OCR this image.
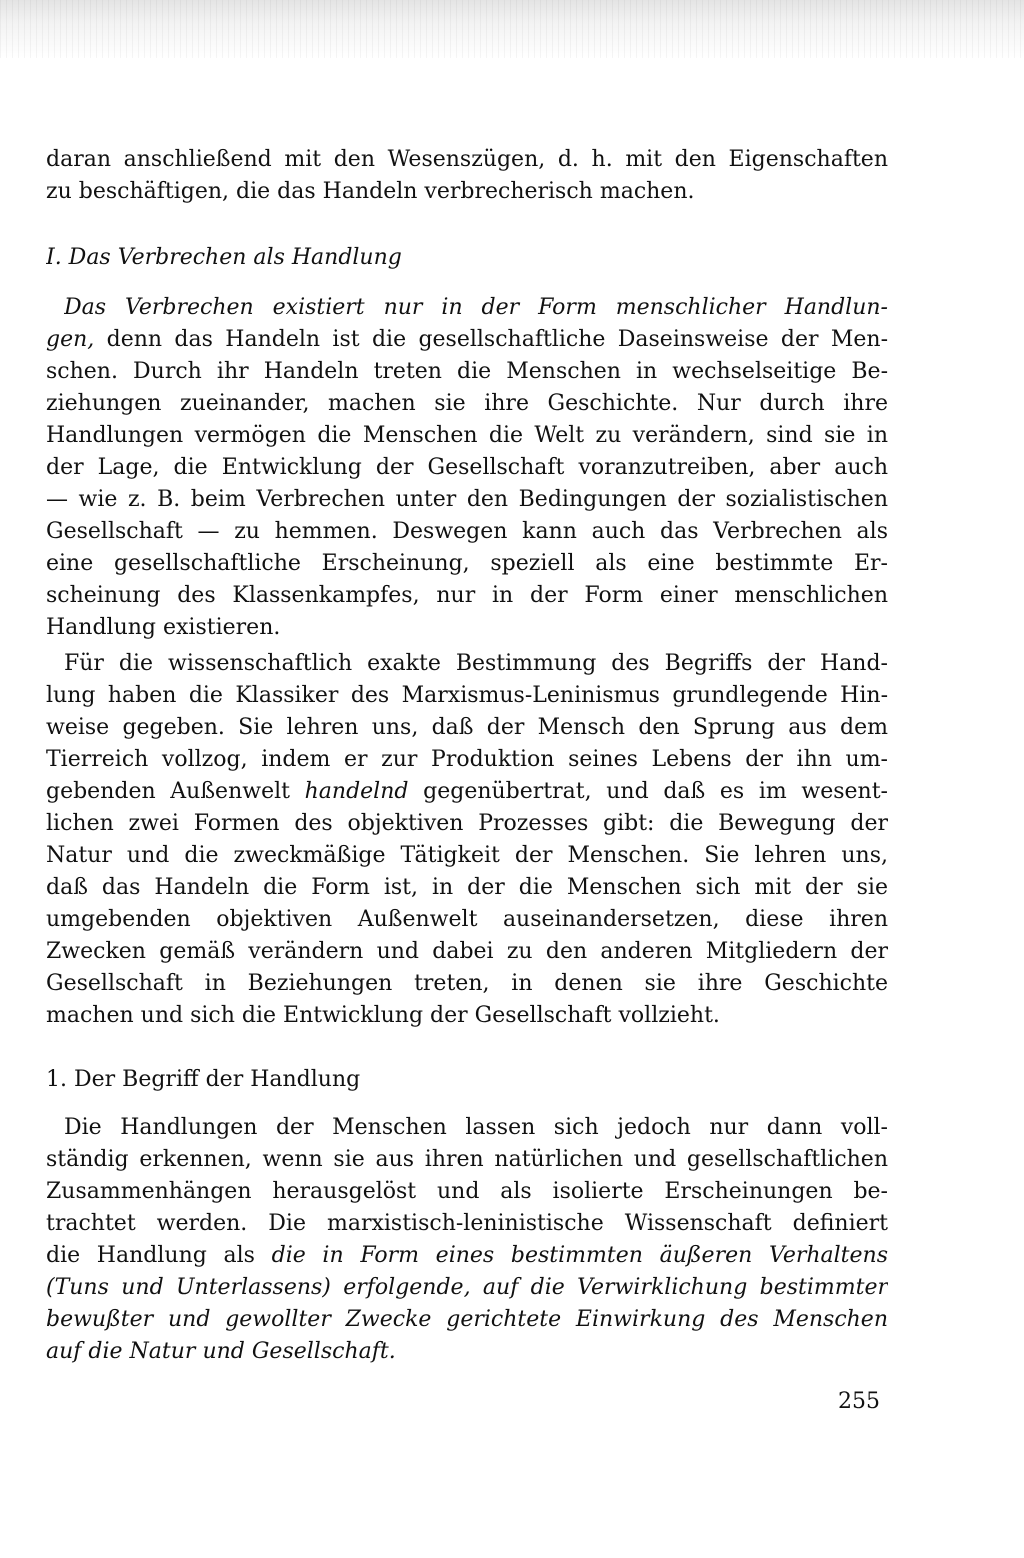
daran anschließend mit den Wesenszügen, d. h. mit den Eigenschaften
zu beschäftigen, die das Handeln verbrecherisch machen.
I. Das Verbrechen als Handlung
Das Verbrechen existiert nur in der Form menschlicher Handlun-
gen, denn das Handeln ist die gesellschaftliche Daseinsweise der Men-
schen. Durch ihr Handeln treten die Menschen in wechselseitige Be-
ziehungen zueinander, machen sie ihre Geschichte. Nur durch ihre
Handlungen vermögen die Menschen die Welt zu verändern, sind sie in
der Lage, die Entwicklung der Gesellschaft voranzutreiben, aber auch
— wie z. B. beim Verbrechen unter den Bedingungen der sozialistischen
Gesellschaft — zu hemmen. Deswegen kann auch das Verbrechen als
eine gesellschaftliche Erscheinung, speziell als eine bestimmte Er-
scheinung des Klassenkampfes, nur in der Form einer menschlichen
Handlung existieren.
Für die wissenschaftlich exakte Bestimmung des Begriffs der Hand-
lung haben die Klassiker des Marxismus-Leninismus grundlegende Hin-
weise gegeben. Sie lehren uns, daß der Mensch den Sprung aus dem
Tierreich vollzog, indem er zur Produktion seines Lebens der ihn um-
gebenden Außenwelt handelnd gegenübertrat, und daß es im wesent-
lichen zwei Formen des objektiven Prozesses gibt: die Bewegung der
Natur und die zweckmäßige Tätigkeit der Menschen. Sie lehren uns,
daß das Handeln die Form ist, in der die Menschen sich mit der sie
umgebenden objektiven Außenwelt auseinandersetzen, diese ihren
Zwecken gemäß verändern und dabei zu den anderen Mitgliedern der
Gesellschaft in Beziehungen treten, in denen sie ihre Geschichte
machen und sich die Entwicklung der Gesellschaft vollzieht.
1. Der Begriff der Handlung
Die Handlungen der Menschen lassen sich jedoch nur dann voll-
ständig erkennen, wenn sie aus ihren natürlichen und gesellschaftlichen
Zusammenhängen herausgelöst und als isolierte Erscheinungen be-
trachtet werden. Die marxistisch-leninistische Wissenschaft definiert
die Handlung als die in Form eines bestimmten äußeren Verhaltens
(Tuns und Unterlassens) erfolgende, auf die Verwirklichung bestimmter
bewußter und gewollter Zwecke gerichtete Einwirkung des Menschen
auf die Natur und Gesellschaft.
255
